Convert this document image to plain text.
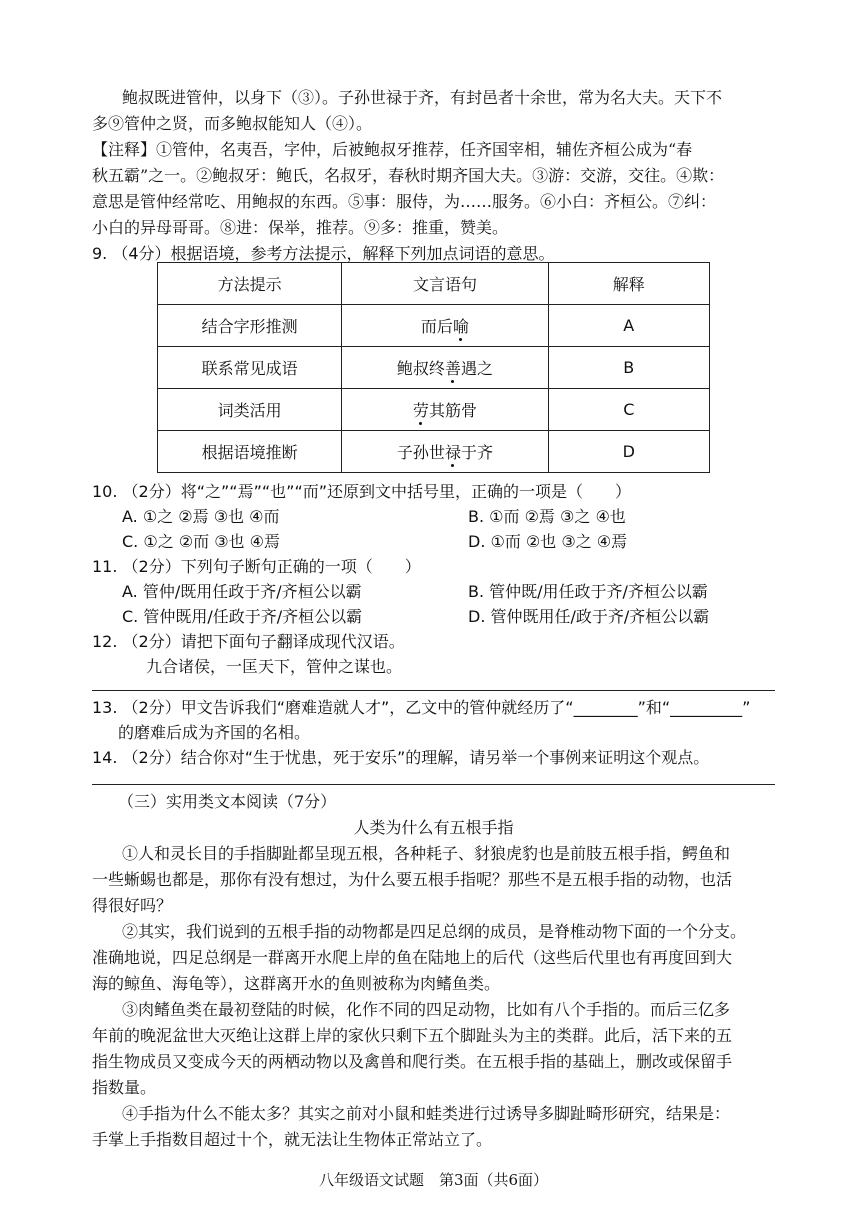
鲍叔既进管仲，以身下（③）。子孙世禄于齐，有封邑者十余世，常为名大夫。天下不
多⑨管仲之贤，而多鲍叔能知人（④）。
【注释】①管仲，名夷吾，字仲，后被鲍叔牙推荐，任齐国宰相，辅佐齐桓公成为“春
秋五霸”之一。②鲍叔牙：鲍氏，名叔牙，春秋时期齐国大夫。③游：交游，交往。④欺：
意思是管仲经常吃、用鲍叔的东西。⑤事：服侍，为……服务。⑥小白：齐桓公。⑦纠：
小白的异母哥哥。⑧进：保举，推荐。⑨多：推重，赞美。
9. （4分）根据语境，参考方法提示，解释下列加点词语的意思。
方法提示	文言语句	解释
结合字形推测	而后喻	A
联系常见成语	鲍叔终善遇之	B
词类活用	劳其筋骨	C
根据语境推断	子孙世禄于齐	D
10. （2分）将“之”“焉”“也”“而”还原到文中括号里，正确的一项是（　　）
A. ①之 ②焉 ③也 ④而	B. ①而 ②焉 ③之 ④也
C. ①之 ②而 ③也 ④焉	D. ①而 ②也 ③之 ④焉
11. （2分）下列句子断句正确的一项（　　）
A. 管仲/既用任政于齐/齐桓公以霸	B. 管仲既/用任政于齐/齐桓公以霸
C. 管仲既用/任政于齐/齐桓公以霸	D. 管仲既用任/政于齐/齐桓公以霸
12. （2分）请把下面句子翻译成现代汉语。
九合诸侯，一匡天下，管仲之谋也。
13. （2分）甲文告诉我们“磨难造就人才”，乙文中的管仲就经历了“________”和“_________”
的磨难后成为齐国的名相。
14. （2分）结合你对“生于忧患，死于安乐”的理解，请另举一个事例来证明这个观点。
（三）实用类文本阅读（7分）
人类为什么有五根手指
①人和灵长目的手指脚趾都呈现五根，各种耗子、豺狼虎豹也是前肢五根手指，鳄鱼和
一些蜥蜴也都是，那你有没有想过，为什么要五根手指呢？那些不是五根手指的动物，也活
得很好吗？
②其实，我们说到的五根手指的动物都是四足总纲的成员，是脊椎动物下面的一个分支。
准确地说，四足总纲是一群离开水爬上岸的鱼在陆地上的后代（这些后代里也有再度回到大
海的鲸鱼、海龟等），这群离开水的鱼则被称为肉鳍鱼类。
③肉鳍鱼类在最初登陆的时候，化作不同的四足动物，比如有八个手指的。而后三亿多
年前的晚泥盆世大灭绝让这群上岸的家伙只剩下五个脚趾头为主的类群。此后，活下来的五
指生物成员又变成今天的两栖动物以及禽兽和爬行类。在五根手指的基础上，删改或保留手
指数量。
④手指为什么不能太多？其实之前对小鼠和蛙类进行过诱导多脚趾畸形研究，结果是：
手掌上手指数目超过十个，就无法让生物体正常站立了。
八年级语文试题　第3面（共6面）
